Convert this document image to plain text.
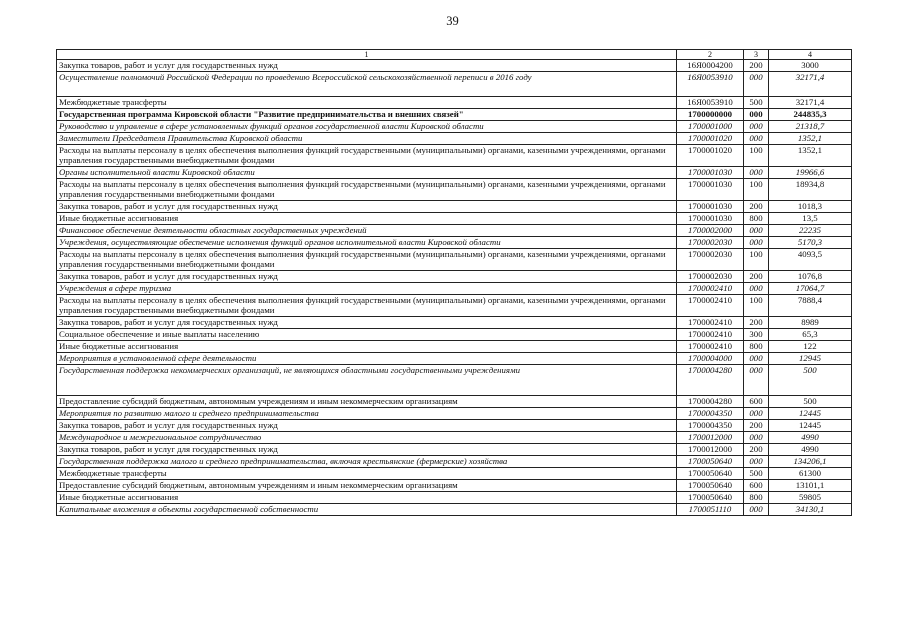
39
1	2	3	4
Закупка товаров, работ и услуг для государственных нужд	16Я0004200	200	3000
Осуществление полномочий Российской Федерации по проведению Всероссийской сельскохозяйственной переписи в 2016 году	16Я0053910	000	32171,4
Межбюджетные трансферты	16Я0053910	500	32171,4
Государственная программа Кировской области "Развитие предпринимательства и внешних связей"	1700000000	000	244835,3
Руководство и управление в сфере установленных функций органов государственной власти Кировской области	1700001000	000	21318,7
Заместители Председателя Правительства Кировской области	1700001020	000	1352,1
Расходы на выплаты персоналу в целях обеспечения выполнения функций государственными (муниципальными) органами, казенными учреждениями, органами управления государственными внебюджетными фондами	1700001020	100	1352,1
Органы исполнительной власти Кировской области	1700001030	000	19966,6
Расходы на выплаты персоналу в целях обеспечения выполнения функций государственными (муниципальными) органами, казенными учреждениями, органами управления государственными внебюджетными фондами	1700001030	100	18934,8
Закупка товаров, работ и услуг для государственных нужд	1700001030	200	1018,3
Иные бюджетные ассигнования	1700001030	800	13,5
Финансовое обеспечение деятельности областных государственных учреждений	1700002000	000	22235
Учреждения, осуществляющие обеспечение исполнения функций органов исполнительной власти Кировской области	1700002030	000	5170,3
Расходы на выплаты персоналу в целях обеспечения выполнения функций государственными (муниципальными) органами, казенными учреждениями, органами управления государственными внебюджетными фондами	1700002030	100	4093,5
Закупка товаров, работ и услуг для государственных нужд	1700002030	200	1076,8
Учреждения в сфере туризма	1700002410	000	17064,7
Расходы на выплаты персоналу в целях обеспечения выполнения функций государственными (муниципальными) органами, казенными учреждениями, органами управления государственными внебюджетными фондами	1700002410	100	7888,4
Закупка товаров, работ и услуг для государственных нужд	1700002410	200	8989
Социальное обеспечение и иные выплаты населению	1700002410	300	65,3
Иные бюджетные ассигнования	1700002410	800	122
Мероприятия в установленной сфере деятельности	1700004000	000	12945
Государственная поддержка некоммерческих организаций, не являющихся областными государственными учреждениями	1700004280	000	500
Предоставление субсидий бюджетным, автономным учреждениям и иным некоммерческим организациям	1700004280	600	500
Мероприятия по развитию малого и среднего предпринимательства	1700004350	000	12445
Закупка товаров, работ и услуг для государственных нужд	1700004350	200	12445
Международное и межрегиональное сотрудничество	1700012000	000	4990
Закупка товаров, работ и услуг для государственных нужд	1700012000	200	4990
Государственная поддержка малого и среднего предпринимательства, включая крестьянские (фермерские) хозяйства	1700050640	000	134206,1
Межбюджетные трансферты	1700050640	500	61300
Предоставление субсидий бюджетным, автономным учреждениям и иным некоммерческим организациям	1700050640	600	13101,1
Иные бюджетные ассигнования	1700050640	800	59805
Капитальные вложения в объекты государственной собственности	1700051110	000	34130,1
